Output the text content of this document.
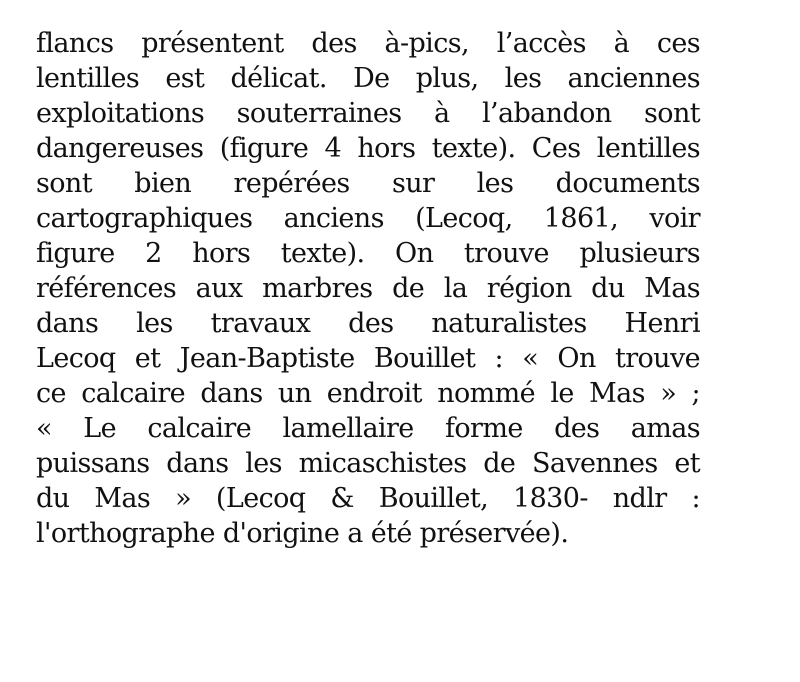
flancs présentent des à-pics, l’accès à ces
lentilles est délicat. De plus, les anciennes
exploitations souterraines à l’abandon sont
dangereuses (figure 4 hors texte). Ces lentilles
sont bien repérées sur les documents
cartographiques anciens (Lecoq, 1861, voir
figure 2 hors texte). On trouve plusieurs
références aux marbres de la région du Mas
dans les travaux des naturalistes Henri
Lecoq et Jean-Baptiste Bouillet : « On trouve
ce calcaire dans un endroit nommé le Mas » ;
« Le calcaire lamellaire forme des amas
puissans dans les micaschistes de Savennes et
du Mas » (Lecoq & Bouillet, 1830- ndlr :
l'orthographe d'origine a été préservée).
